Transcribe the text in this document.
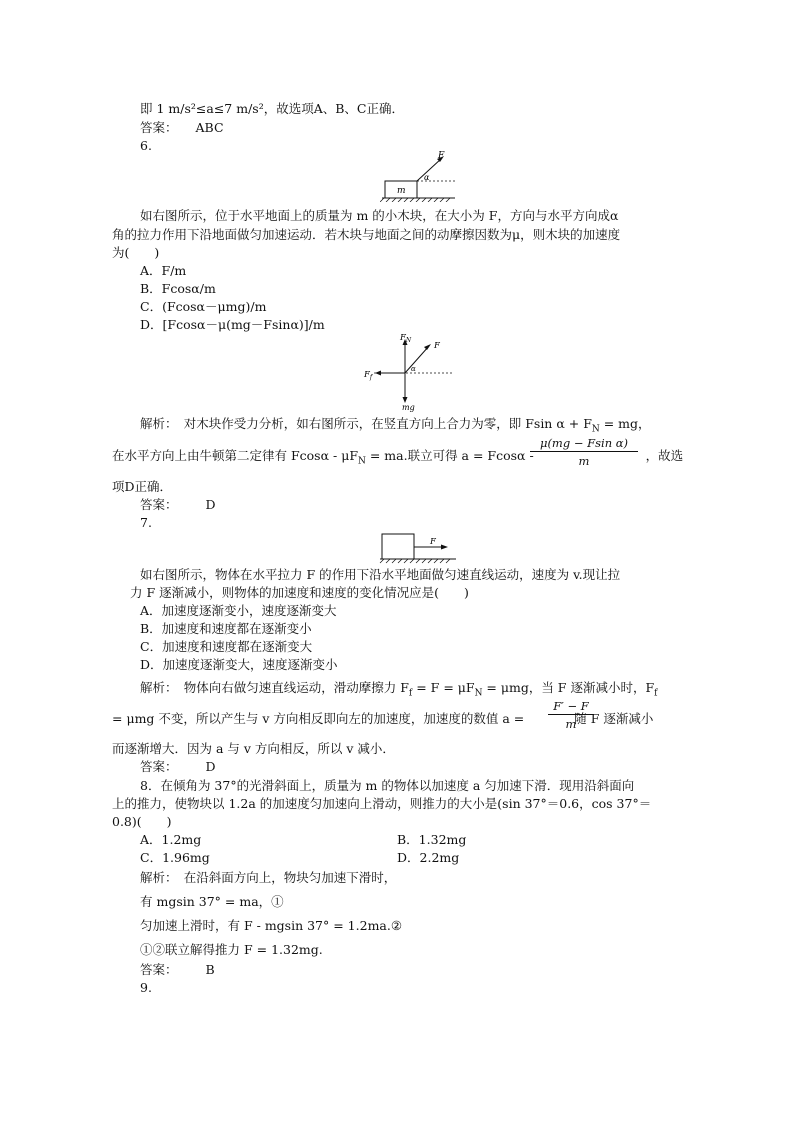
即 1 m/s²≤a≤7 m/s²，故选项A、B、C正确．
答案： ABC
6.
m
F
α
如右图所示，位于水平地面上的质量为 m 的小木块，在大小为 F，方向与水平方向成α
角的拉力作用下沿地面做匀加速运动．若木块与地面之间的动摩擦因数为μ，则木块的加速度
为(　　)
A．F/m
B．Fcosα/m
C．(Fcosα－μmg)/m
D．[Fcosα－μ(mg－Fsinα)]/m
$F_N$
mg
$F_f$
F
α
解析：　对木块作受力分析，如右图所示，在竖直方向上合力为零，即 Fsin $\alpha + F_N$ = mg，
在水平方向上由牛顿第二定律有 Fcosα - $\mu F_N$ = ma.联立可得 a = Fcosα -	，故选
$\frac{\text{μ(mg − Fsin α)}}{m}$
项D正确．
答案： D
7.
F
如右图所示，物体在水平拉力 F 的作用下沿水平地面做匀速直线运动，速度为 v.现让拉
力 F 逐渐减小，则物体的加速度和速度的变化情况应是(　　)
A．加速度逐渐变小，速度逐渐变大
B．加速度和速度都在逐渐变小
C．加速度和速度都在逐渐变大
D．加速度逐渐变大，速度逐渐变小
解析：　物体向右做匀速直线运动，滑动摩擦力 $F_f = F = \mu F_N = \mu mg$，当 F 逐渐减小时，$F_f$
= μmg 不变，所以产生与 v 方向相反即向左的加速度，加速度的数值 a =	随 F 逐渐减小
$\frac{F' - F}{m}$
而逐渐增大．因为 a 与 v 方向相反，所以 v 减小．
答案： D
8．在倾角为 37°的光滑斜面上，质量为 m 的物体以加速度 a 匀加速下滑．现用沿斜面向
上的推力，使物块以 1.2a 的加速度匀加速向上滑动，则推力的大小是(sin 37°＝0.6，cos 37°＝
0.8)(　　)
A．1.2mg	B．1.32mg
C．1.96mg	D．2.2mg
解析：　在沿斜面方向上，物块匀加速下滑时，
有 mgsin 37° = ma，①
匀加速上滑时，有 F - mgsin 37° = 1.2ma.②
①②联立解得推力 F = 1.32mg.
答案： B
9.
